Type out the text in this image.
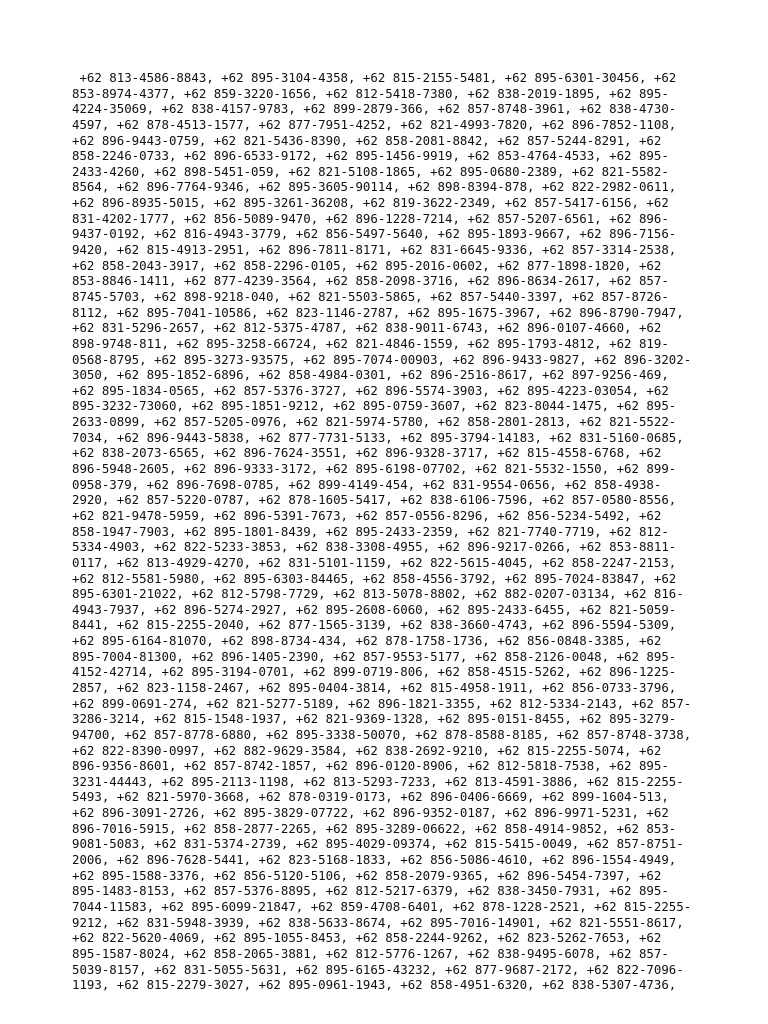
+62 813-4586-8843, +62 895-3104-4358, +62 815-2155-5481, +62 895-6301-30456, +62
853-8974-4377, +62 859-3220-1656, +62 812-5418-7380, +62 838-2019-1895, +62 895-
4224-35069, +62 838-4157-9783, +62 899-2879-366, +62 857-8748-3961, +62 838-4730-
4597, +62 878-4513-1577, +62 877-7951-4252, +62 821-4993-7820, +62 896-7852-1108,
+62 896-9443-0759, +62 821-5436-8390, +62 858-2081-8842, +62 857-5244-8291, +62
858-2246-0733, +62 896-6533-9172, +62 895-1456-9919, +62 853-4764-4533, +62 895-
2433-4260, +62 898-5451-059, +62 821-5108-1865, +62 895-0680-2389, +62 821-5582-
8564, +62 896-7764-9346, +62 895-3605-90114, +62 898-8394-878, +62 822-2982-0611,
+62 896-8935-5015, +62 895-3261-36208, +62 819-3622-2349, +62 857-5417-6156, +62
831-4202-1777, +62 856-5089-9470, +62 896-1228-7214, +62 857-5207-6561, +62 896-
9437-0192, +62 816-4943-3779, +62 856-5497-5640, +62 895-1893-9667, +62 896-7156-
9420, +62 815-4913-2951, +62 896-7811-8171, +62 831-6645-9336, +62 857-3314-2538,
+62 858-2043-3917, +62 858-2296-0105, +62 895-2016-0602, +62 877-1898-1820, +62
853-8846-1411, +62 877-4239-3564, +62 858-2098-3716, +62 896-8634-2617, +62 857-
8745-5703, +62 898-9218-040, +62 821-5503-5865, +62 857-5440-3397, +62 857-8726-
8112, +62 895-7041-10586, +62 823-1146-2787, +62 895-1675-3967, +62 896-8790-7947,
+62 831-5296-2657, +62 812-5375-4787, +62 838-9011-6743, +62 896-0107-4660, +62
898-9748-811, +62 895-3258-66724, +62 821-4846-1559, +62 895-1793-4812, +62 819-
0568-8795, +62 895-3273-93575, +62 895-7074-00903, +62 896-9433-9827, +62 896-3202-
3050, +62 895-1852-6896, +62 858-4984-0301, +62 896-2516-8617, +62 897-9256-469,
+62 895-1834-0565, +62 857-5376-3727, +62 896-5574-3903, +62 895-4223-03054, +62
895-3232-73060, +62 895-1851-9212, +62 895-0759-3607, +62 823-8044-1475, +62 895-
2633-0899, +62 857-5205-0976, +62 821-5974-5780, +62 858-2801-2813, +62 821-5522-
7034, +62 896-9443-5838, +62 877-7731-5133, +62 895-3794-14183, +62 831-5160-0685,
+62 838-2073-6565, +62 896-7624-3551, +62 896-9328-3717, +62 815-4558-6768, +62
896-5948-2605, +62 896-9333-3172, +62 895-6198-07702, +62 821-5532-1550, +62 899-
0958-379, +62 896-7698-0785, +62 899-4149-454, +62 831-9554-0656, +62 858-4938-
2920, +62 857-5220-0787, +62 878-1605-5417, +62 838-6106-7596, +62 857-0580-8556,
+62 821-9478-5959, +62 896-5391-7673, +62 857-0556-8296, +62 856-5234-5492, +62
858-1947-7903, +62 895-1801-8439, +62 895-2433-2359, +62 821-7740-7719, +62 812-
5334-4903, +62 822-5233-3853, +62 838-3308-4955, +62 896-9217-0266, +62 853-8811-
0117, +62 813-4929-4270, +62 831-5101-1159, +62 822-5615-4045, +62 858-2247-2153,
+62 812-5581-5980, +62 895-6303-84465, +62 858-4556-3792, +62 895-7024-83847, +62
895-6301-21022, +62 812-5798-7729, +62 813-5078-8802, +62 882-0207-03134, +62 816-
4943-7937, +62 896-5274-2927, +62 895-2608-6060, +62 895-2433-6455, +62 821-5059-
8441, +62 815-2255-2040, +62 877-1565-3139, +62 838-3660-4743, +62 896-5594-5309,
+62 895-6164-81070, +62 898-8734-434, +62 878-1758-1736, +62 856-0848-3385, +62
895-7004-81300, +62 896-1405-2390, +62 857-9553-5177, +62 858-2126-0048, +62 895-
4152-42714, +62 895-3194-0701, +62 899-0719-806, +62 858-4515-5262, +62 896-1225-
2857, +62 823-1158-2467, +62 895-0404-3814, +62 815-4958-1911, +62 856-0733-3796,
+62 899-0691-274, +62 821-5277-5189, +62 896-1821-3355, +62 812-5334-2143, +62 857-
3286-3214, +62 815-1548-1937, +62 821-9369-1328, +62 895-0151-8455, +62 895-3279-
94700, +62 857-8778-6880, +62 895-3338-50070, +62 878-8588-8185, +62 857-8748-3738,
+62 822-8390-0997, +62 882-9629-3584, +62 838-2692-9210, +62 815-2255-5074, +62
896-9356-8601, +62 857-8742-1857, +62 896-0120-8906, +62 812-5818-7538, +62 895-
3231-44443, +62 895-2113-1198, +62 813-5293-7233, +62 813-4591-3886, +62 815-2255-
5493, +62 821-5970-3668, +62 878-0319-0173, +62 896-0406-6669, +62 899-1604-513,
+62 896-3091-2726, +62 895-3829-07722, +62 896-9352-0187, +62 896-9971-5231, +62
896-7016-5915, +62 858-2877-2265, +62 895-3289-06622, +62 858-4914-9852, +62 853-
9081-5083, +62 831-5374-2739, +62 895-4029-09374, +62 815-5415-0049, +62 857-8751-
2006, +62 896-7628-5441, +62 823-5168-1833, +62 856-5086-4610, +62 896-1554-4949,
+62 895-1588-3376, +62 856-5120-5106, +62 858-2079-9365, +62 896-5454-7397, +62
895-1483-8153, +62 857-5376-8895, +62 812-5217-6379, +62 838-3450-7931, +62 895-
7044-11583, +62 895-6099-21847, +62 859-4708-6401, +62 878-1228-2521, +62 815-2255-
9212, +62 831-5948-3939, +62 838-5633-8674, +62 895-7016-14901, +62 821-5551-8617,
+62 822-5620-4069, +62 895-1055-8453, +62 858-2244-9262, +62 823-5262-7653, +62
895-1587-8024, +62 858-2065-3881, +62 812-5776-1267, +62 838-9495-6078, +62 857-
5039-8157, +62 831-5055-5631, +62 895-6165-43232, +62 877-9687-2172, +62 822-7096-
1193, +62 815-2279-3027, +62 895-0961-1943, +62 858-4951-6320, +62 838-5307-4736,
